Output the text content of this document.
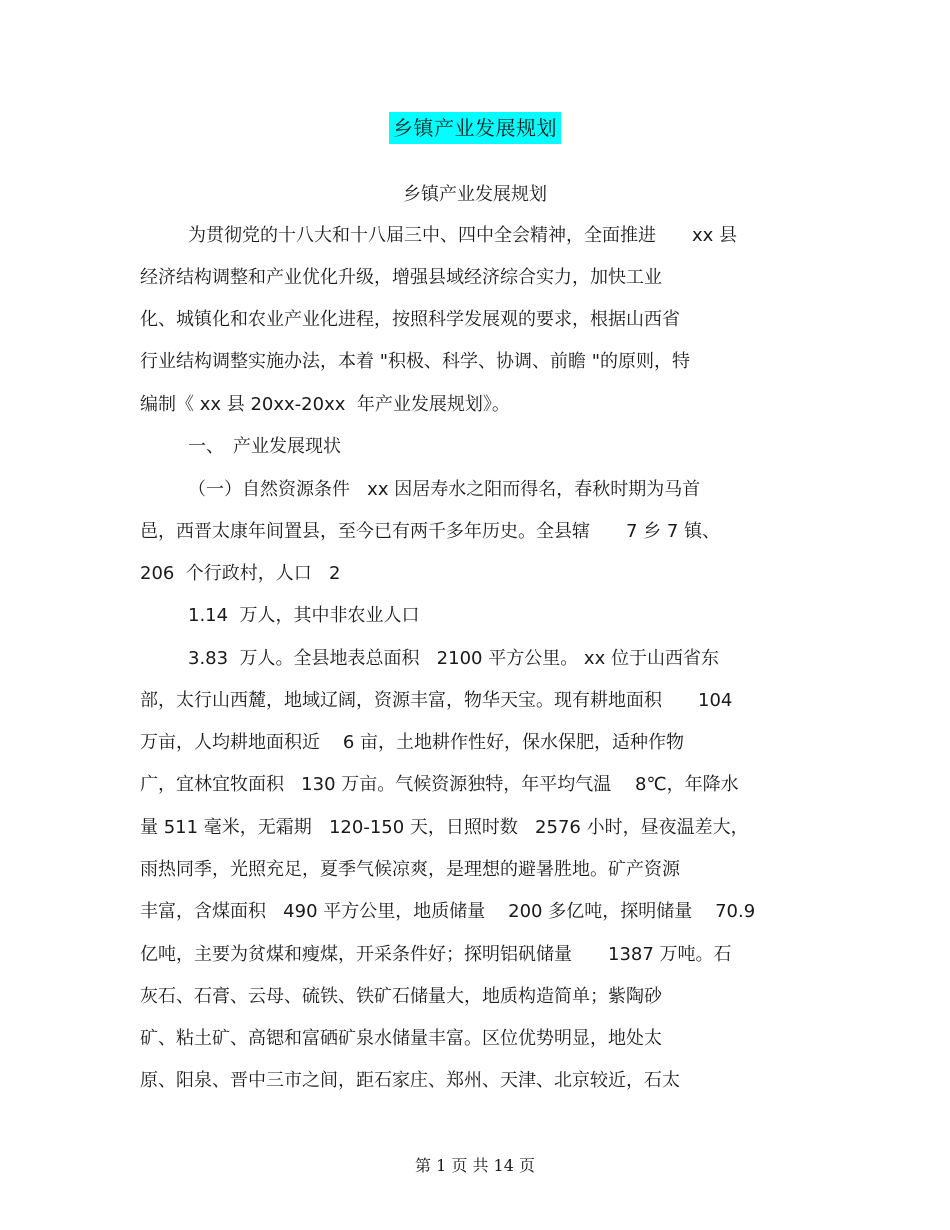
乡镇产业发展规划
乡镇产业发展规划
为贯彻党的十八大和十八届三中、四中全会精神，全面推进　　xx 县
经济结构调整和产业优化升级，增强县域经济综合实力，加快工业
化、城镇化和农业产业化进程，按照科学发展观的要求，根据山西省
行业结构调整实施办法，本着 "积极、科学、协调、前瞻 "的原则，特
编制《 xx 县 20xx-20xx  年产业发展规划》。
一、　产业发展现状
（一）自然资源条件   xx 因居寿水之阳而得名，春秋时期为马首
邑，西晋太康年间置县，至今已有两千多年历史。全县辖　　7 乡 7 镇、
206  个行政村，人口   2
1.14  万人，其中非农业人口
3.83  万人。全县地表总面积   2100 平方公里。 xx 位于山西省东
部，太行山西麓，地域辽阔，资源丰富，物华天宝。现有耕地面积　　104
万亩，人均耕地面积近    6 亩，土地耕作性好，保水保肥，适种作物
广，宜林宜牧面积   130 万亩。气候资源独特，年平均气温　 8℃，年降水
量 511 毫米，无霜期   120-150 天，日照时数   2576 小时，昼夜温差大，
雨热同季，光照充足，夏季气候凉爽，是理想的避暑胜地。矿产资源
丰富，含煤面积   490 平方公里，地质储量    200 多亿吨，探明储量    70.9
亿吨，主要为贫煤和瘦煤，开采条件好；探明铝矾储量　　1387 万吨。石
灰石、石膏、云母、硫铁、铁矿石储量大，地质构造简单；紫陶砂
矿、粘土矿、高锶和富硒矿泉水储量丰富。区位优势明显，地处太
原、阳泉、晋中三市之间，距石家庄、郑州、天津、北京较近，石太
第 1 页 共 14 页
